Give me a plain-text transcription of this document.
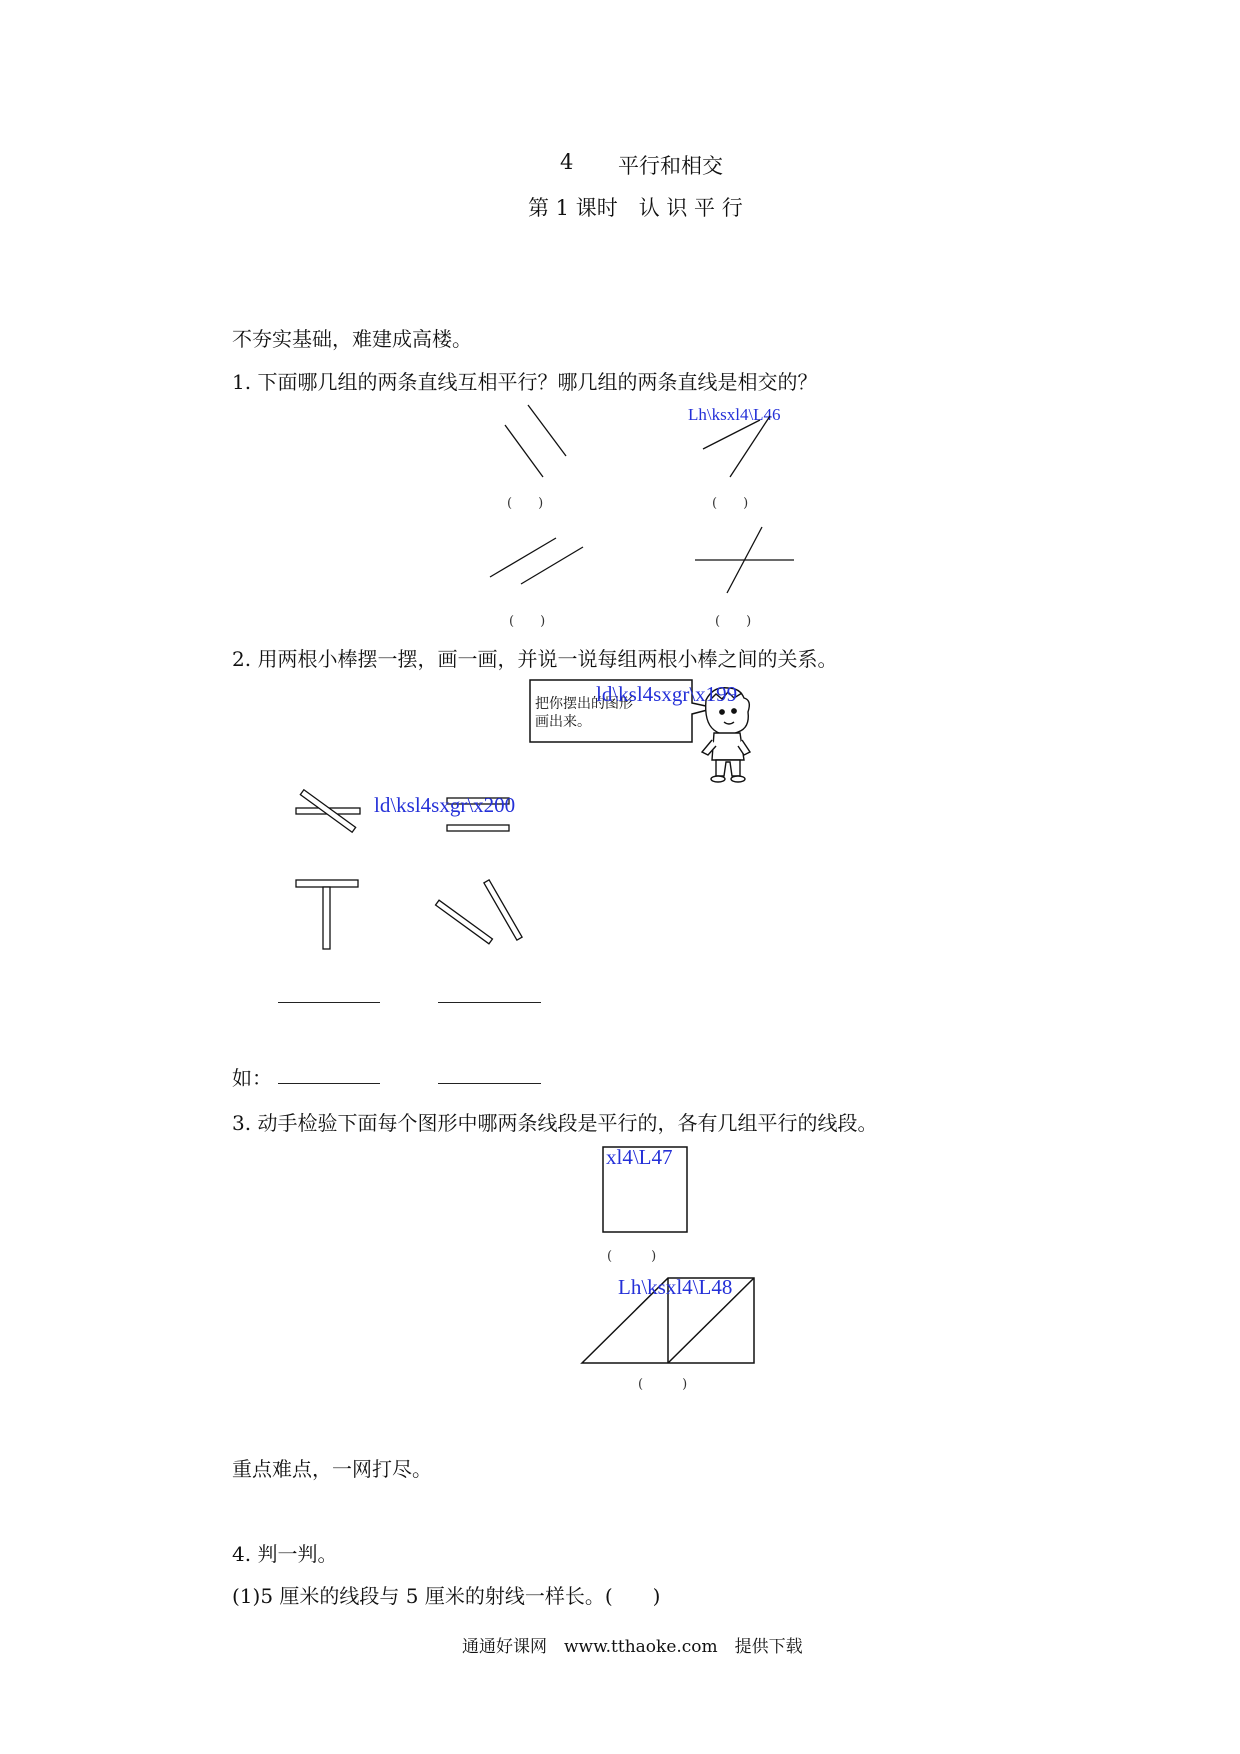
4 平行和相交
第 1 课时　认 识 平 行
不夯实基础，难建成高楼。
1. 下面哪几组的两条直线互相平行？哪几组的两条直线是相交的？
Lh\ksxl4\L46
(　　)	(　　)
(　　)	(　　)
2. 用两根小棒摆一摆，画一画，并说一说每组两根小棒之间的关系。
把你摆出的图形
画出来。
ld\ksl4sxgr\x199
ld\ksl4sxgr\x200
如：
3. 动手检验下面每个图形中哪两条线段是平行的，各有几组平行的线段。
xl4\L47
Lh\ksxl4\L48
(　　　)
(　　　)
重点难点，一网打尽。
4. 判一判。
(1)5 厘米的线段与 5 厘米的射线一样长。(　　)
通通好课网　www.tthaoke.com　提供下载
